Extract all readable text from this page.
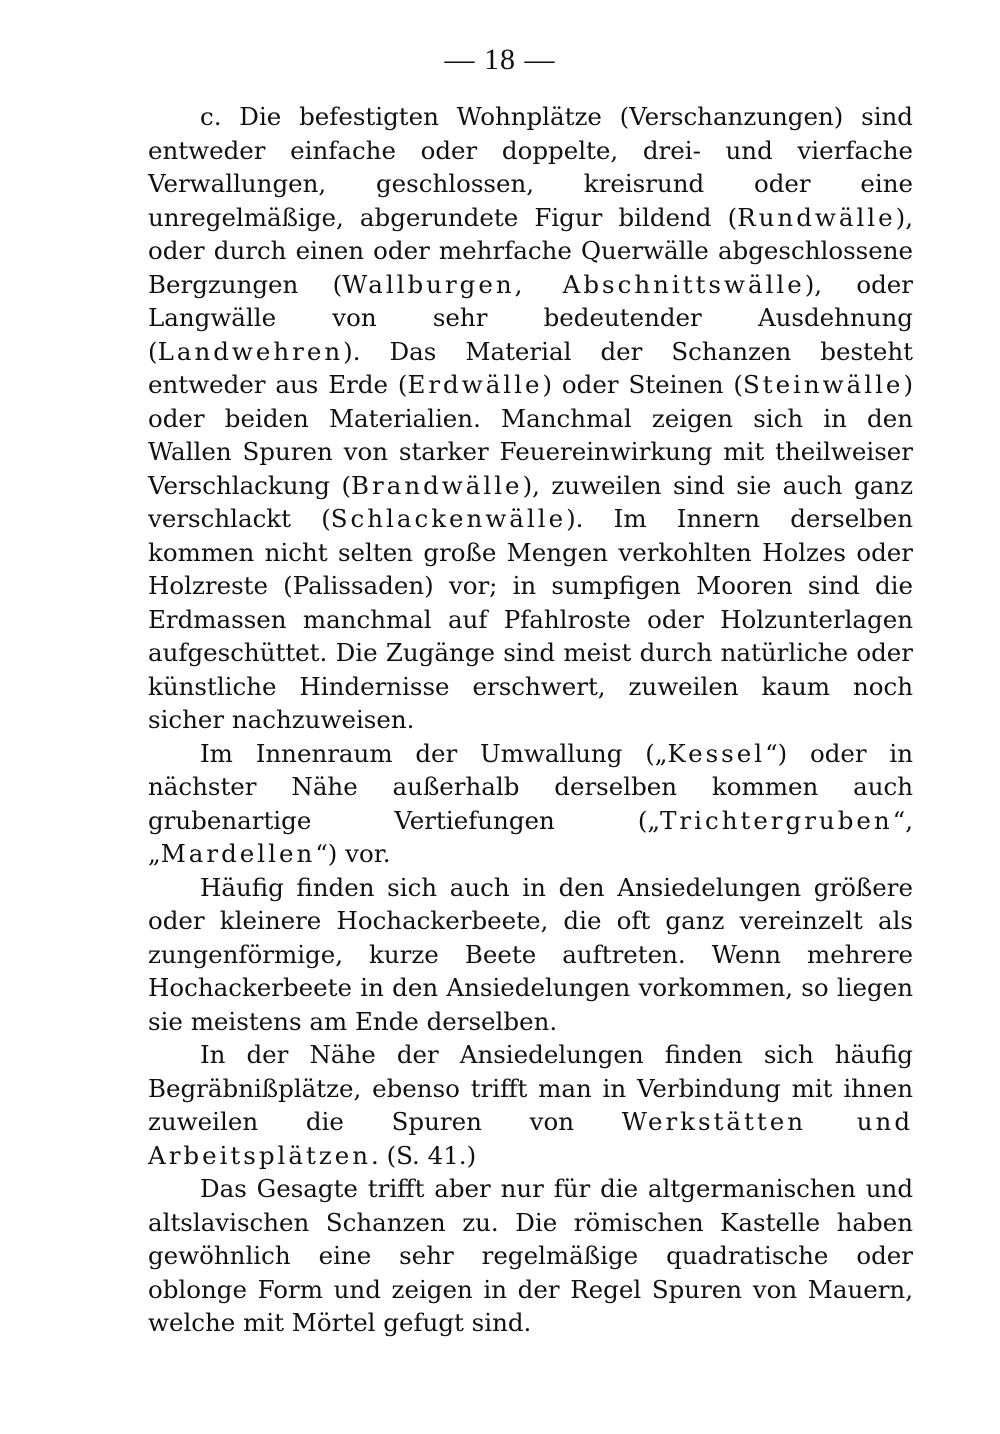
— 18 —

c. Die befestigten Wohnplätze (Verschanzungen) sind entweder einfache oder doppelte, drei- und vierfache Verwallungen, geschlossen, kreisrund oder eine unregelmäßige, abgerundete Figur bildend (Rundwälle), oder durch einen oder mehrfache Querwälle abgeschlossene Bergzungen (Wallburgen, Abschnittswälle), oder Langwälle von sehr bedeutender Ausdehnung (Landwehren). Das Material der Schanzen besteht entweder aus Erde (Erdwälle) oder Steinen (Steinwälle) oder beiden Materialien. Manchmal zeigen sich in den Wallen Spuren von starker Feuereinwirkung mit theilweiser Verschlackung (Brandwälle), zuweilen sind sie auch ganz verschlackt (Schlackenwälle). Im Innern derselben kommen nicht selten große Mengen verkohlten Holzes oder Holzreste (Palissaden) vor; in sumpfigen Mooren sind die Erdmassen manchmal auf Pfahlroste oder Holzunterlagen aufgeschüttet. Die Zugänge sind meist durch natürliche oder künstliche Hindernisse erschwert, zuweilen kaum noch sicher nachzuweisen.

Im Innenraum der Umwallung („Kessel“) oder in nächster Nähe außerhalb derselben kommen auch grubenartige Vertiefungen („Trichtergruben“, „Mardellen“) vor.

Häufig finden sich auch in den Ansiedelungen größere oder kleinere Hochackerbeete, die oft ganz vereinzelt als zungenförmige, kurze Beete auftreten. Wenn mehrere Hochackerbeete in den Ansiedelungen vorkommen, so liegen sie meistens am Ende derselben.

In der Nähe der Ansiedelungen finden sich häufig Begräbnißplätze, ebenso trifft man in Verbindung mit ihnen zuweilen die Spuren von Werkstätten und Arbeitsplätzen. (S. 41.)

Das Gesagte trifft aber nur für die altgermanischen und altslavischen Schanzen zu. Die römischen Kastelle haben gewöhnlich eine sehr regelmäßige quadratische oder oblonge Form und zeigen in der Regel Spuren von Mauern, welche mit Mörtel gefugt sind.
